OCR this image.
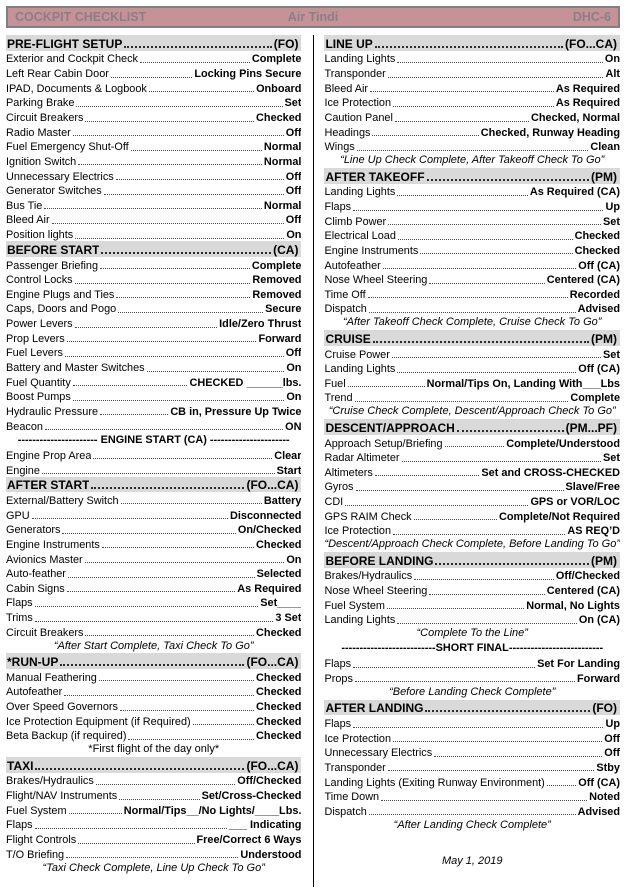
COCKPIT CHECKLIST	Air Tindi	DHC-6
PRE-FLIGHT SETUP	(FO)
Exterior and Cockpit Check	Complete
Left Rear Cabin Door	Locking Pins Secure
IPAD, Documents & Logbook	Onboard
Parking Brake	Set
Circuit Breakers	Checked
Radio Master	Off
Fuel Emergency Shut-Off	Normal
Ignition Switch	Normal
Unnecessary Electrics	Off
Generator Switches	Off
Bus Tie	Normal
Bleed Air	Off
Position lights	On
BEFORE START	(CA)
Passenger Briefing	Complete
Control Locks	Removed
Engine Plugs and Ties	Removed
Caps, Doors and Pogo	Secure
Power Levers	Idle/Zero Thrust
Prop Levers	Forward
Fuel Levers	Off
Battery and Master Switches	On
Fuel Quantity	CHECKED ______lbs.
Boost Pumps	On
Hydraulic Pressure	CB in, Pressure Up Twice
Beacon	ON
---------------------- ENGINE START (CA) ----------------------
Engine Prop Area	Clear
Engine	Start
AFTER START	(FO...CA)
External/Battery Switch	Battery
GPU	Disconnected
Generators	On/Checked
Engine Instruments	Checked
Avionics Master	On
Auto-feather	Selected
Cabin Signs	As Required
Flaps	Set____
Trims	3 Set
Circuit Breakers	Checked
“After Start Complete, Taxi Check To Go”
*RUN-UP	(FO...CA)
Manual Feathering	Checked
Autofeather	Checked
Over Speed Governors	Checked
Ice Protection Equipment (if Required)	Checked
Beta Backup (if required)	Checked
*First flight of the day only*
TAXI	(FO...CA)
Brakes/Hydraulics	Off/Checked
Flight/NAV Instruments	Set/Cross-Checked
Fuel System	Normal/Tips__/No Lights/____Lbs.
Flaps	___ Indicating
Flight Controls	Free/Correct 6 Ways
T/O Briefing	Understood
“Taxi Check Complete, Line Up Check To Go”
LINE UP	(FO...CA)
Landing Lights	On
Transponder	Alt
Bleed Air	As Required
Ice Protection	As Required
Caution Panel	Checked, Normal
Headings	Checked, Runway Heading
Wings	Clean
“Line Up Check Complete, After Takeoff Check To Go”
AFTER TAKEOFF	(PM)
Landing Lights	As Required (CA)
Flaps	Up
Climb Power	Set
Electrical Load	Checked
Engine Instruments	Checked
Autofeather	Off (CA)
Nose Wheel Steering	Centered (CA)
Time Off	Recorded
Dispatch	Advised
“After Takeoff Check Complete, Cruise Check To Go”
CRUISE	(PM)
Cruise Power	Set
Landing Lights	Off (CA)
Fuel	Normal/Tips On, Landing With___Lbs
Trend	Complete
“Cruise Check Complete, Descent/Approach Check To Go”
DESCENT/APPROACH	(PM...PF)
Approach Setup/Briefing	Complete/Understood
Radar Altimeter	Set
Altimeters	Set and CROSS-CHECKED
Gyros	Slave/Free
CDI	GPS or VOR/LOC
GPS RAIM Check	Complete/Not Required
Ice Protection	AS REQ’D
“Descent/Approach Check Complete, Before Landing To Go”
BEFORE LANDING	(PM)
Brakes/Hydraulics	Off/Checked
Nose Wheel Steering	Centered (CA)
Fuel System	Normal, No Lights
Landing Lights	On (CA)
“Complete To the Line”
--------------------------SHORT FINAL--------------------------
Flaps	Set For Landing
Props	Forward
“Before Landing Check Complete”
AFTER LANDING	(FO)
Flaps	Up
Ice Protection	Off
Unnecessary Electrics	Off
Transponder	Stby
Landing Lights (Exiting Runway Environment)	Off (CA)
Time Down	Noted
Dispatch	Advised
“After Landing Check Complete”
May 1, 2019
